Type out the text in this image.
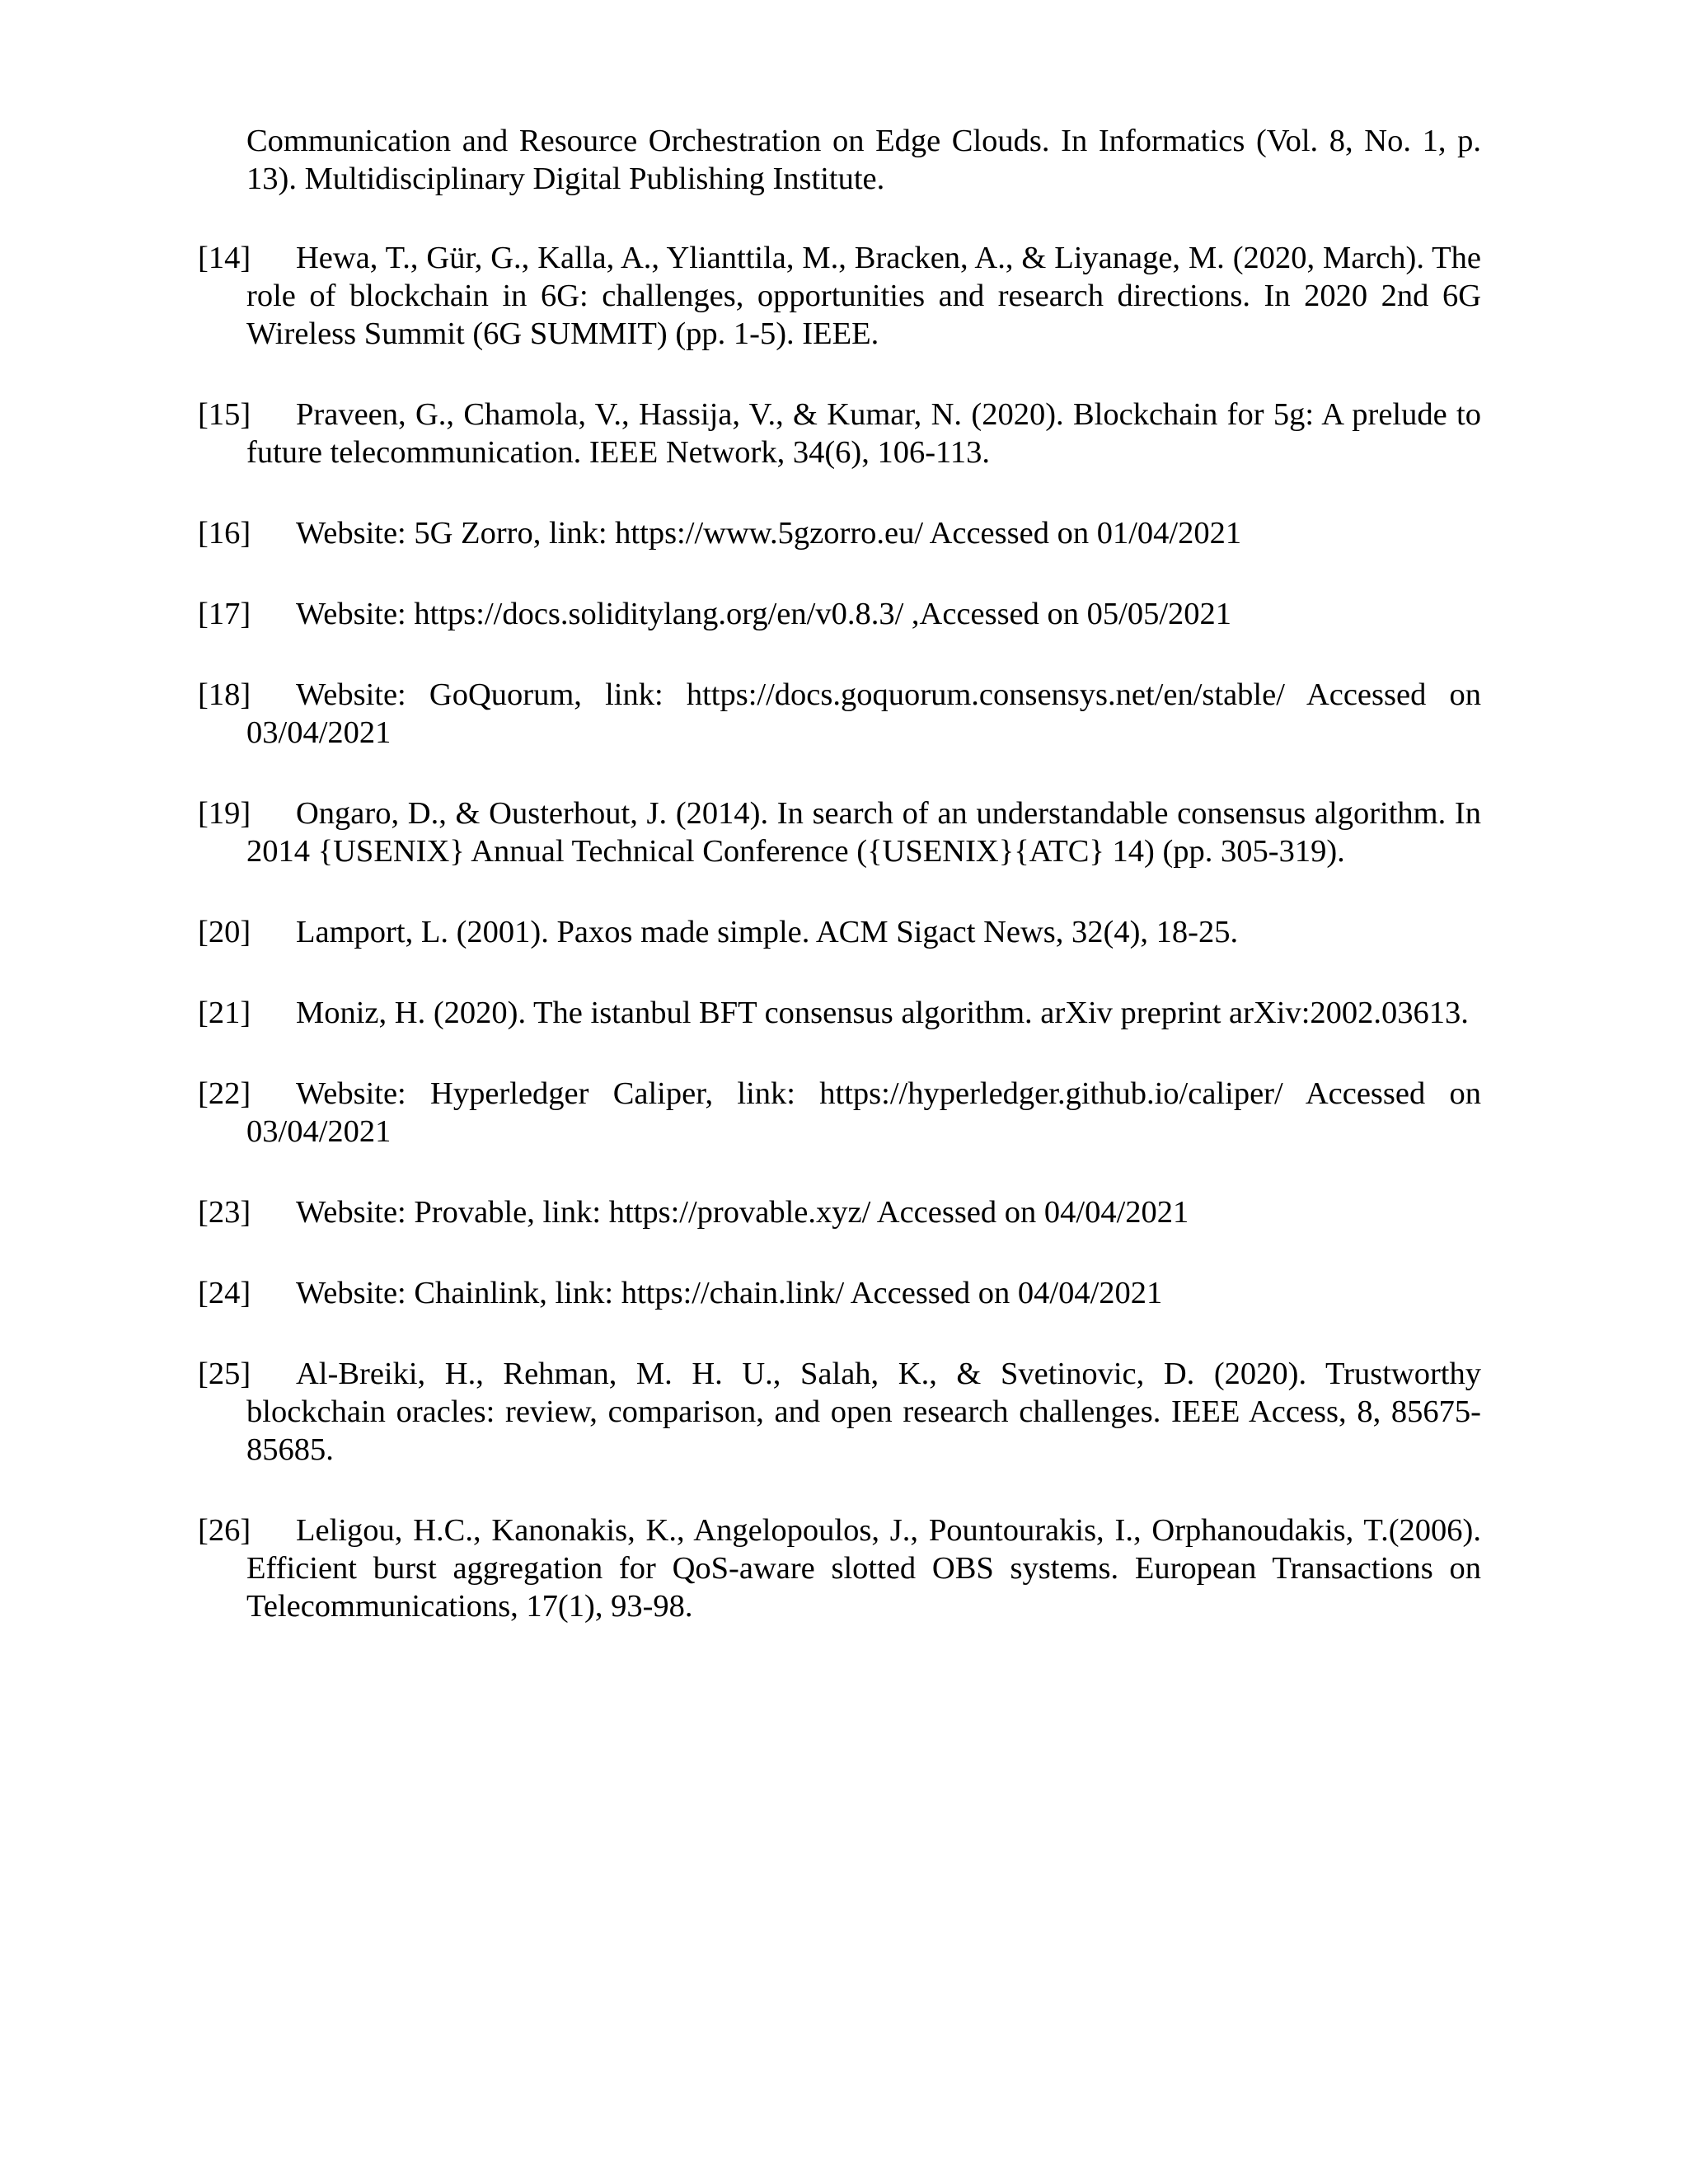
Communication and Resource Orchestration on Edge Clouds. In Informatics (Vol. 8, No. 1, p. 13). Multidisciplinary Digital Publishing Institute.

[14] Hewa, T., Gür, G., Kalla, A., Ylianttila, M., Bracken, A., & Liyanage, M. (2020, March). The role of blockchain in 6G: challenges, opportunities and research directions. In 2020 2nd 6G Wireless Summit (6G SUMMIT) (pp. 1-5). IEEE.

[15] Praveen, G., Chamola, V., Hassija, V., & Kumar, N. (2020). Blockchain for 5g: A prelude to future telecommunication. IEEE Network, 34(6), 106-113.

[16] Website: 5G Zorro, link: https://www.5gzorro.eu/ Accessed on 01/04/2021

[17] Website: https://docs.soliditylang.org/en/v0.8.3/ ,Accessed on 05/05/2021

[18] Website: GoQuorum, link: https://docs.goquorum.consensys.net/en/stable/ Accessed on 03/04/2021

[19] Ongaro, D., & Ousterhout, J. (2014). In search of an understandable consensus algorithm. In 2014 {USENIX} Annual Technical Conference ({USENIX}{ATC} 14) (pp. 305-319).

[20] Lamport, L. (2001). Paxos made simple. ACM Sigact News, 32(4), 18-25.

[21] Moniz, H. (2020). The istanbul BFT consensus algorithm. arXiv preprint arXiv:2002.03613.

[22] Website: Hyperledger Caliper, link: https://hyperledger.github.io/caliper/ Accessed on 03/04/2021

[23] Website: Provable, link: https://provable.xyz/ Accessed on 04/04/2021

[24] Website: Chainlink, link: https://chain.link/ Accessed on 04/04/2021

[25] Al-Breiki, H., Rehman, M. H. U., Salah, K., & Svetinovic, D. (2020). Trustworthy blockchain oracles: review, comparison, and open research challenges. IEEE Access, 8, 85675-85685.

[26] Leligou, H.C., Kanonakis, K., Angelopoulos, J., Pountourakis, I., Orphanoudakis, T.(2006). Efficient burst aggregation for QoS-aware slotted OBS systems. European Transactions on Telecommunications, 17(1), 93-98.
